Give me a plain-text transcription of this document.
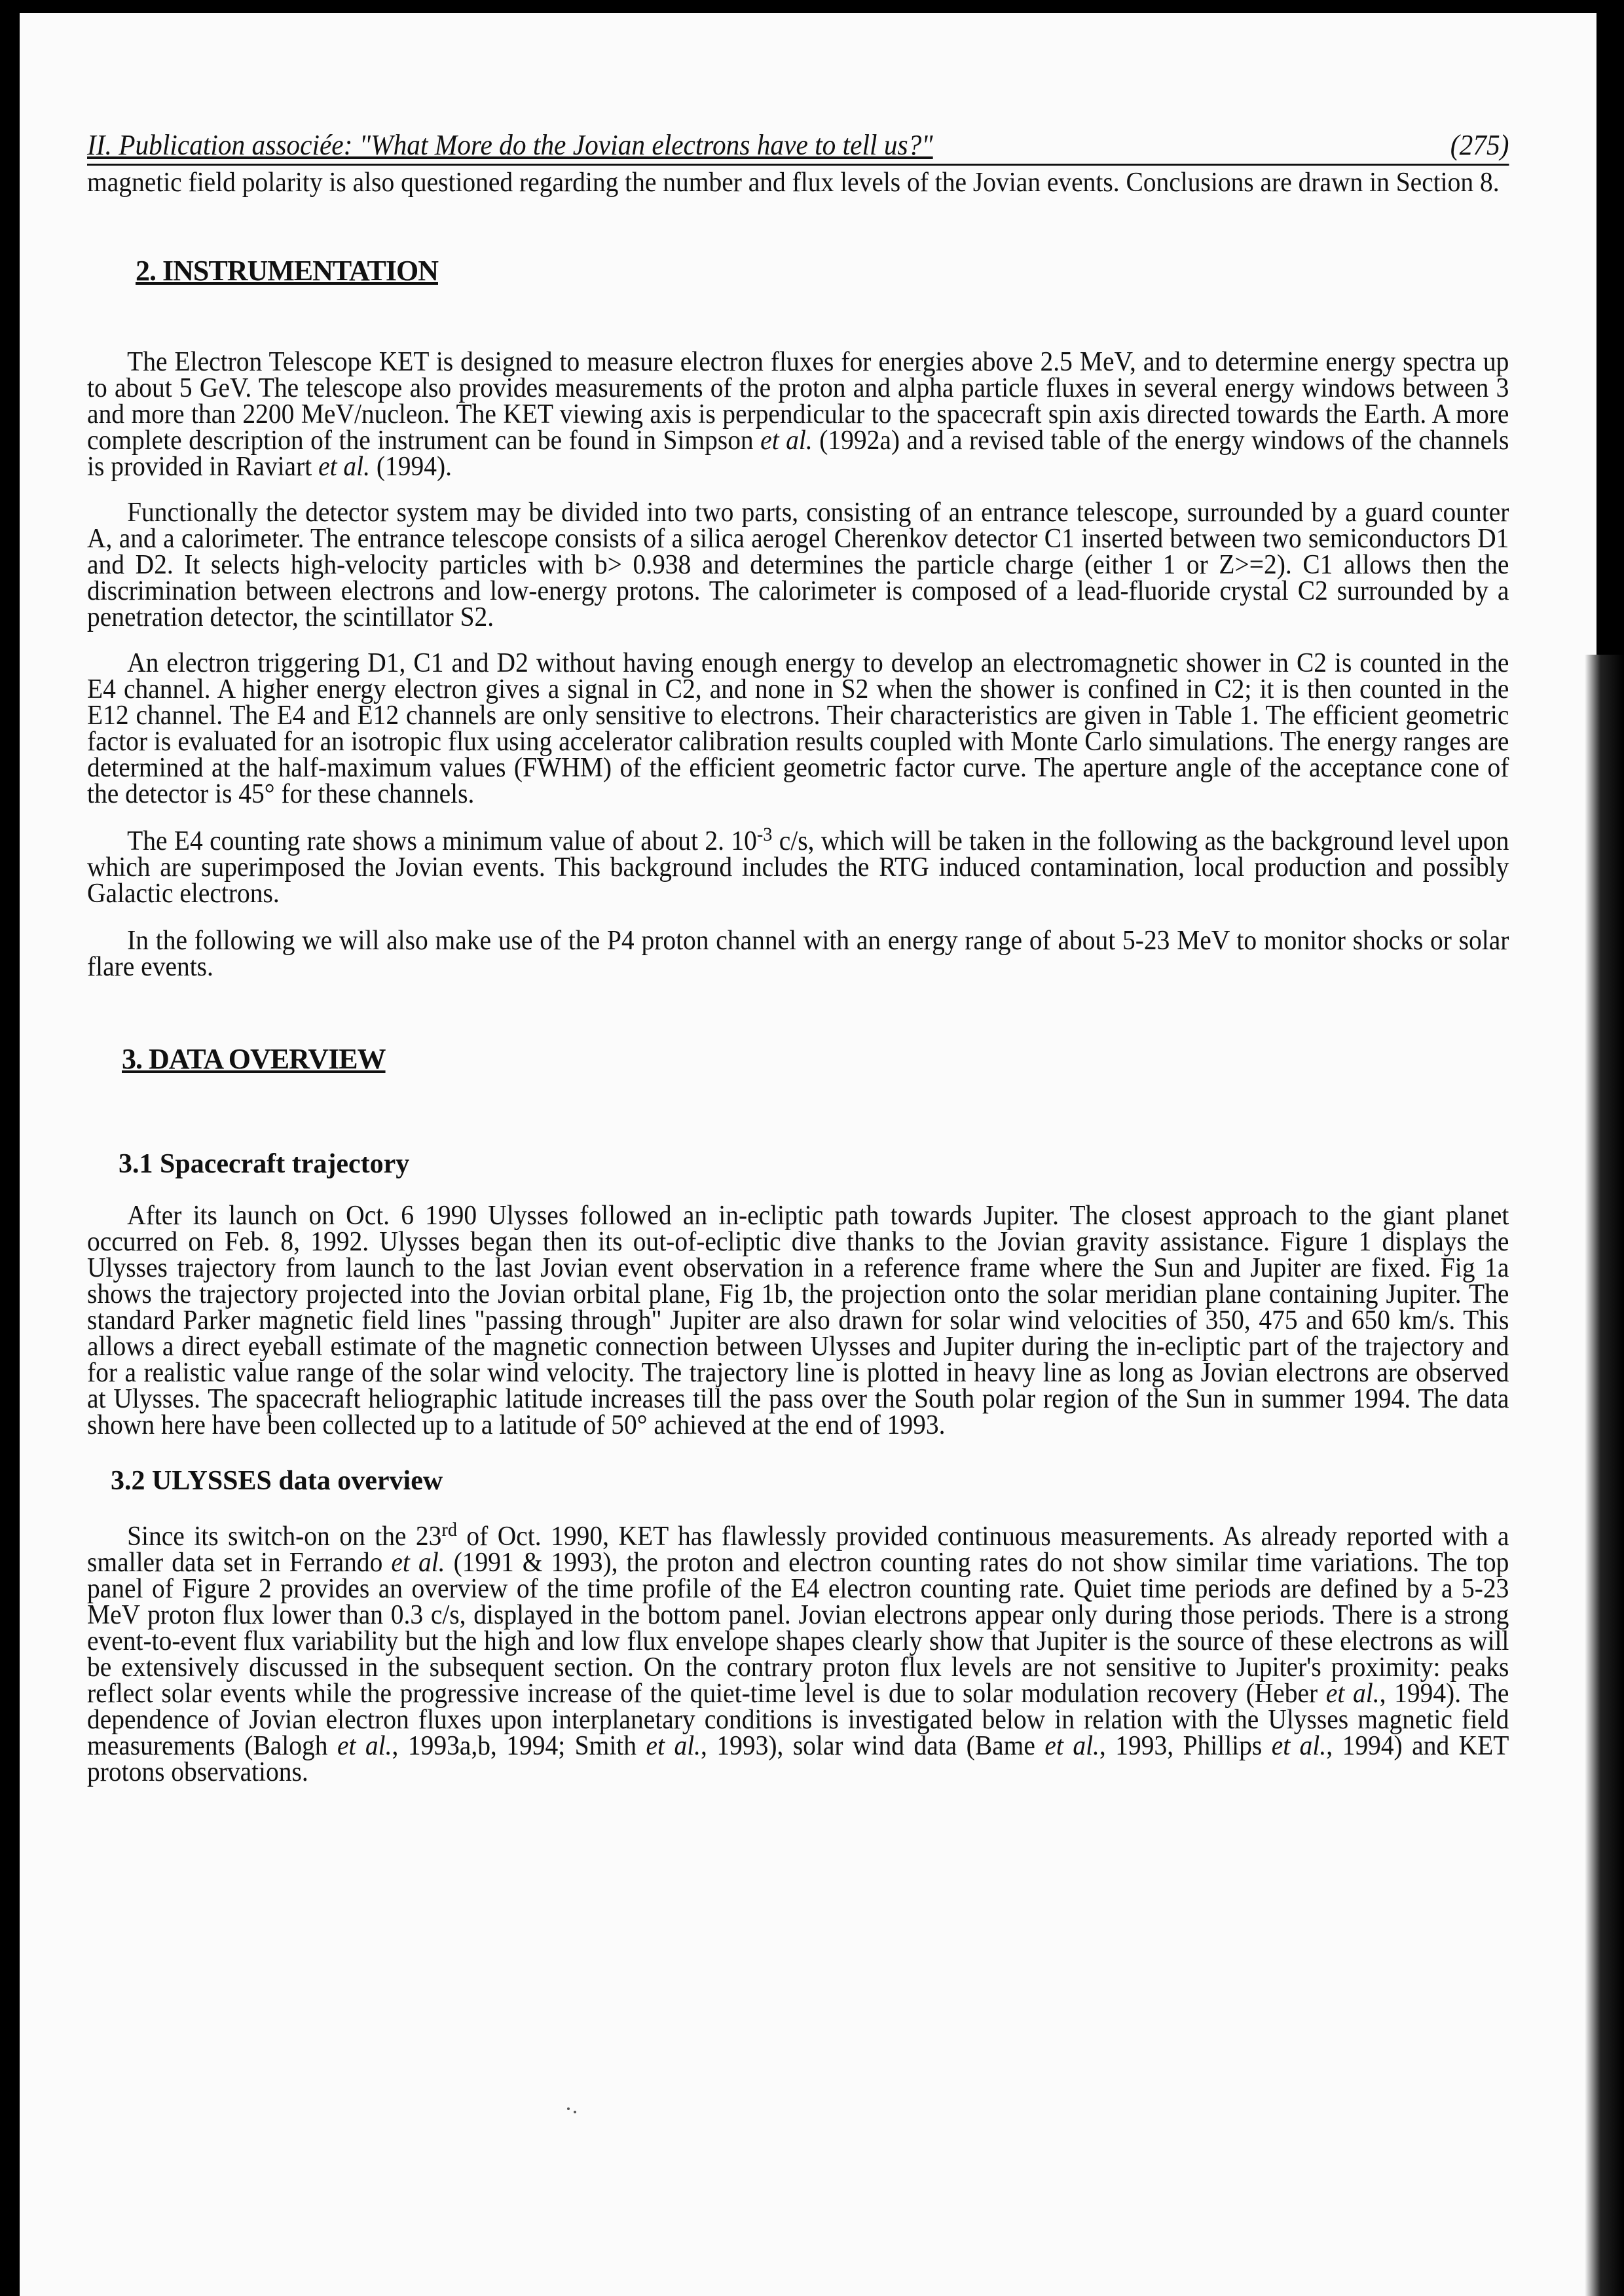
II. Publication associée: "What More do the Jovian electrons have to tell us?"	(275)

magnetic field polarity is also questioned regarding the number and flux levels of the Jovian events. Conclusions are drawn in Section 8.

2. INSTRUMENTATION

The Electron Telescope KET is designed to measure electron fluxes for energies above 2.5 MeV, and to determine energy spectra up to about 5 GeV. The telescope also provides measurements of the proton and alpha particle fluxes in several energy windows between 3 and more than 2200 MeV/nucleon. The KET viewing axis is perpendicular to the spacecraft spin axis directed towards the Earth. A more complete description of the instrument can be found in Simpson et al. (1992a) and a revised table of the energy windows of the channels is provided in Raviart et al. (1994).

Functionally the detector system may be divided into two parts, consisting of an entrance telescope, surrounded by a guard counter A, and a calorimeter. The entrance telescope consists of a silica aerogel Cherenkov detector C1 inserted between two semiconductors D1 and D2. It selects high-velocity particles with b> 0.938 and determines the particle charge (either 1 or Z>=2). C1 allows then the discrimination between electrons and low-energy protons. The calorimeter is composed of a lead-fluoride crystal C2 surrounded by a penetration detector, the scintillator S2.

An electron triggering D1, C1 and D2 without having enough energy to develop an electromagnetic shower in C2 is counted in the E4 channel. A higher energy electron gives a signal in C2, and none in S2 when the shower is confined in C2; it is then counted in the E12 channel. The E4 and E12 channels are only sensitive to electrons. Their characteristics are given in Table 1. The efficient geometric factor is evaluated for an isotropic flux using accelerator calibration results coupled with Monte Carlo simulations. The energy ranges are determined at the half-maximum values (FWHM) of the efficient geometric factor curve. The aperture angle of the acceptance cone of the detector is 45° for these channels.

The E4 counting rate shows a minimum value of about 2. $10^{-3}$ c/s, which will be taken in the following as the background level upon which are superimposed the Jovian events. This background includes the RTG induced contamination, local production and possibly Galactic electrons.

In the following we will also make use of the P4 proton channel with an energy range of about 5-23 MeV to monitor shocks or solar flare events.

3. DATA OVERVIEW
3.1 Spacecraft trajectory

After its launch on Oct. 6 1990 Ulysses followed an in-ecliptic path towards Jupiter. The closest approach to the giant planet occurred on Feb. 8, 1992. Ulysses began then its out-of-ecliptic dive thanks to the Jovian gravity assistance. Figure 1 displays the Ulysses trajectory from launch to the last Jovian event observation in a reference frame where the Sun and Jupiter are fixed. Fig 1a shows the trajectory projected into the Jovian orbital plane, Fig 1b, the projection onto the solar meridian plane containing Jupiter. The standard Parker magnetic field lines "passing through" Jupiter are also drawn for solar wind velocities of 350, 475 and 650 km/s. This allows a direct eyeball estimate of the magnetic connection between Ulysses and Jupiter during the in-ecliptic part of the trajectory and for a realistic value range of the solar wind velocity. The trajectory line is plotted in heavy line as long as Jovian electrons are observed at Ulysses. The spacecraft heliographic latitude increases till the pass over the South polar region of the Sun in summer 1994. The data shown here have been collected up to a latitude of 50° achieved at the end of 1993.

3.2 ULYSSES data overview

Since its switch-on on the 23rd of Oct. 1990, KET has flawlessly provided continuous measurements. As already reported with a smaller data set in Ferrando et al. (1991 & 1993), the proton and electron counting rates do not show similar time variations. The top panel of Figure 2 provides an overview of the time profile of the E4 electron counting rate. Quiet time periods are defined by a 5-23 MeV proton flux lower than 0.3 c/s, displayed in the bottom panel. Jovian electrons appear only during those periods. There is a strong event-to-event flux variability but the high and low flux envelope shapes clearly show that Jupiter is the source of these electrons as will be extensively discussed in the subsequent section. On the contrary proton flux levels are not sensitive to Jupiter's proximity: peaks reflect solar events while the progressive increase of the quiet-time level is due to solar modulation recovery (Heber et al., 1994). The dependence of Jovian electron fluxes upon interplanetary conditions is investigated below in relation with the Ulysses magnetic field measurements (Balogh et al., 1993a,b, 1994; Smith et al., 1993), solar wind data (Bame et al., 1993, Phillips et al., 1994) and KET protons observations.
